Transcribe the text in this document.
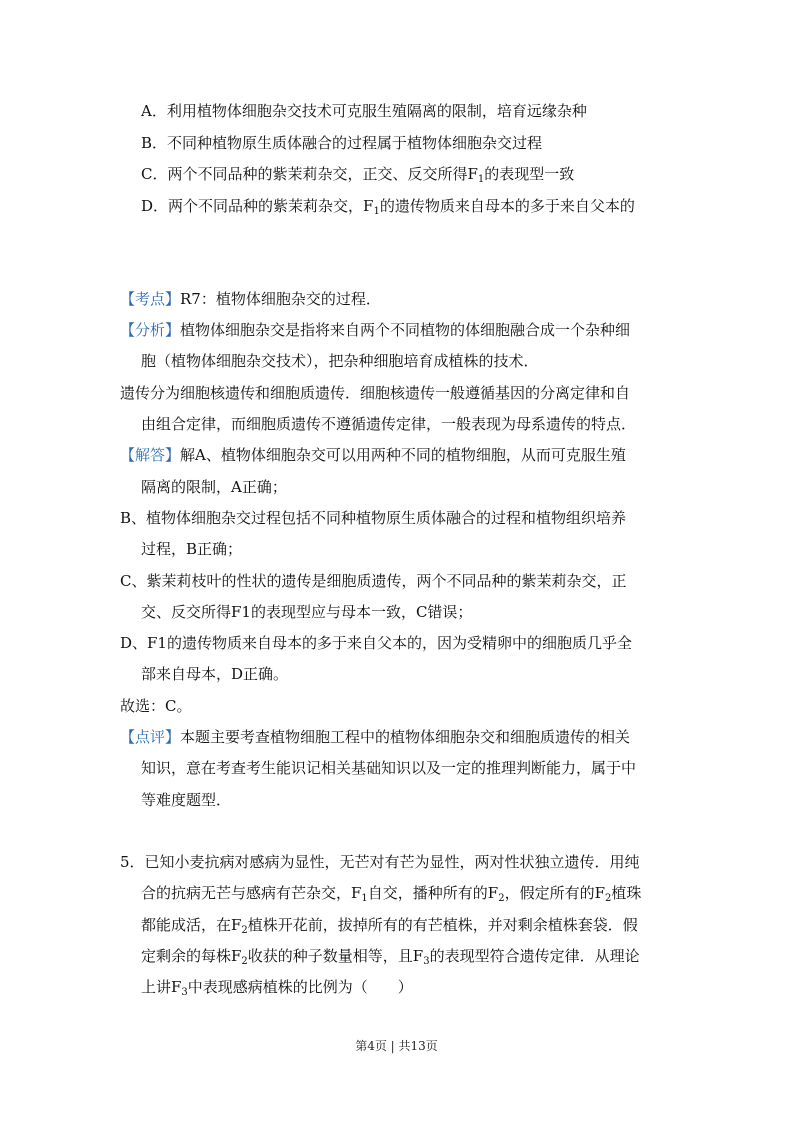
A．利用植物体细胞杂交技术可克服生殖隔离的限制，培育远缘杂种
B．不同种植物原生质体融合的过程属于植物体细胞杂交过程
C．两个不同品种的紫茉莉杂交，正交、反交所得$F_1$的表现型一致
D．两个不同品种的紫茉莉杂交，$F_1$的遗传物质来自母本的多于来自父本的
【考点】R7：植物体细胞杂交的过程．
【分析】植物体细胞杂交是指将来自两个不同植物的体细胞融合成一个杂种细
胞（植物体细胞杂交技术），把杂种细胞培育成植株的技术．
遗传分为细胞核遗传和细胞质遗传．细胞核遗传一般遵循基因的分离定律和自
由组合定律，而细胞质遗传不遵循遗传定律，一般表现为母系遗传的特点．
【解答】解A、植物体细胞杂交可以用两种不同的植物细胞，从而可克服生殖
隔离的限制，A正确；
B、植物体细胞杂交过程包括不同种植物原生质体融合的过程和植物组织培养
过程，B正确；
C、紫茉莉枝叶的性状的遗传是细胞质遗传，两个不同品种的紫茉莉杂交，正
交、反交所得F1的表现型应与母本一致，C错误；
D、F1的遗传物质来自母本的多于来自父本的，因为受精卵中的细胞质几乎全
部来自母本，D正确。
故选：C。
【点评】本题主要考查植物细胞工程中的植物体细胞杂交和细胞质遗传的相关
知识，意在考查考生能识记相关基础知识以及一定的推理判断能力，属于中
等难度题型．
5．已知小麦抗病对感病为显性，无芒对有芒为显性，两对性状独立遗传．用纯
合的抗病无芒与感病有芒杂交，$F_1$自交，播种所有的$F_2$，假定所有的$F_2$植珠
都能成活，在$F_2$植株开花前，拔掉所有的有芒植株，并对剩余植株套袋．假
定剩余的每株$F_2$收获的种子数量相等，且$F_3$的表现型符合遗传定律．从理论
上讲$F_3$中表现感病植株的比例为（　　）
第4页 | 共13页
